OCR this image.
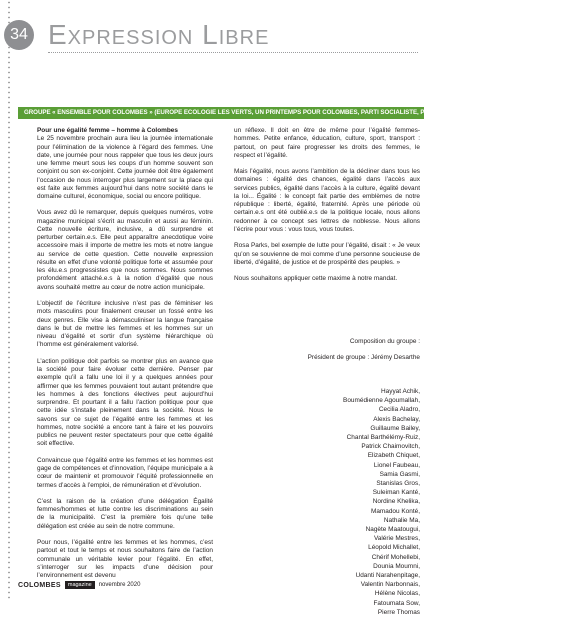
34 Expression Libre
GROUPE « ENSEMBLE POUR COLOMBES » (EUROPE ECOLOGIE LES VERTS, UN PRINTEMPS POUR COLOMBES, PARTI SOCIALISTE, PLACE PUBLIQUE, GÉNÉRATION ECOLOGIE, CITOYENS)

Pour une égalité femme – homme à Colombes

Le 25 novembre prochain aura lieu la journée internationale pour l’élimination de la violence à l’égard des femmes. Une date, une journée pour nous rappeler que tous les deux jours une femme meurt sous les coups d’un homme souvent son conjoint ou son ex-conjoint. Cette journée doit être également l’occasion de nous interroger plus largement sur la place qui est faite aux femmes aujourd’hui dans notre société dans le domaine culturel, économique, social ou encore politique.

Vous avez dû le remarquer, depuis quelques numéros, votre magazine municipal s’écrit au masculin et aussi au féminin. Cette nouvelle écriture, inclusive, a dû surprendre et perturber certain.e.s. Elle peut apparaître anecdotique voire accessoire mais il importe de mettre les mots et notre langue au service de cette question. Cette nouvelle expression résulte en effet d’une volonté politique forte et assumée pour les élu.e.s progressistes que nous sommes. Nous sommes profondément attaché.e.s à la notion d’égalité que nous avons souhaité mettre au cœur de notre action municipale.

L’objectif de l’écriture inclusive n’est pas de féminiser les mots masculins pour finalement creuser un fossé entre les deux genres. Elle vise à démasculiniser la langue française dans le but de mettre les femmes et les hommes sur un niveau d’égalité et sortir d’un système hiérarchique où l’homme est généralement valorisé.

L’action politique doit parfois se montrer plus en avance que la société pour faire évoluer cette dernière. Penser par exemple qu’il a fallu une loi il y a quelques années pour affirmer que les femmes pouvaient tout autant prétendre que les hommes à des fonctions électives peut aujourd’hui surprendre. Et pourtant il a fallu l’action politique pour que cette idée s’installe pleinement dans la société. Nous le savons sur ce sujet de l’égalité entre les femmes et les hommes, notre société a encore tant à faire et les pouvoirs publics ne peuvent rester spectateurs pour que cette égalité soit effective.

Convaincue que l’égalité entre les femmes et les hommes est gage de compétences et d’innovation, l’équipe municipale a à cœur de maintenir et promouvoir l’équité professionnelle en termes d’accès à l’emploi, de rémunération et d’évolution.

C’est la raison de la création d’une délégation Égalité femmes/hommes et lutte contre les discriminations au sein de la municipalité. C’est la première fois qu’une telle délégation est créée au sein de notre commune.

Pour nous, l’égalité entre les femmes et les hommes, c’est partout et tout le temps et nous souhaitons faire de l’action communale un véritable levier pour l’égalité. En effet, s’interroger sur les impacts d’une décision pour l’environnement est devenu

un réflexe. Il doit en être de même pour l’égalité femmes-hommes. Petite enfance, éducation, culture, sport, transport : partout, on peut faire progresser les droits des femmes, le respect et l’égalité.

Mais l’égalité, nous avons l’ambition de la décliner dans tous les domaines : égalité des chances, égalité dans l’accès aux services publics, égalité dans l’accès à la culture, égalité devant la loi... Égalité : le concept fait partie des emblèmes de notre république : liberté, égalité, fraternité. Après une période où certain.e.s ont été oublié.e.s de la politique locale, nous allons redonner à ce concept ses lettres de noblesse. Nous allons l’écrire pour vous : vous tous, vous toutes.

Rosa Parks, bel exemple de lutte pour l’égalité, disait : « Je veux qu’on se souvienne de moi comme d’une personne soucieuse de liberté, d’égalité, de justice et de prospérité des peuples. »

Nous souhaitons appliquer cette maxime à notre mandat.

Composition du groupe :
Président de groupe : Jérémy Desarthe
Hayyat Achik,
Boumédienne Agoumallah,
Cecilia Aladro,
Alexis Bachelay,
Guillaume Bailey,
Chantal Barthélémy-Ruiz,
Patrick Chaimovitch,
Elizabeth Chiquet,
Lionel Faubeau,
Samia Gasmi,
Stanislas Gros,
Suleiman Kanté,
Nordine Khelika,
Mamadou Konté,
Nathalie Ma,
Nagète Maatougui,
Valérie Mestres,
Léopold Michallet,
Chérif Mohellebi,
Dounia Moumni,
Udanti Narahenpitage,
Valentin Narbonnais,
Hélène Nicolas,
Fatoumata Sow,
Pierre Thomas
COLOMBES	magazine	novembre 2020
